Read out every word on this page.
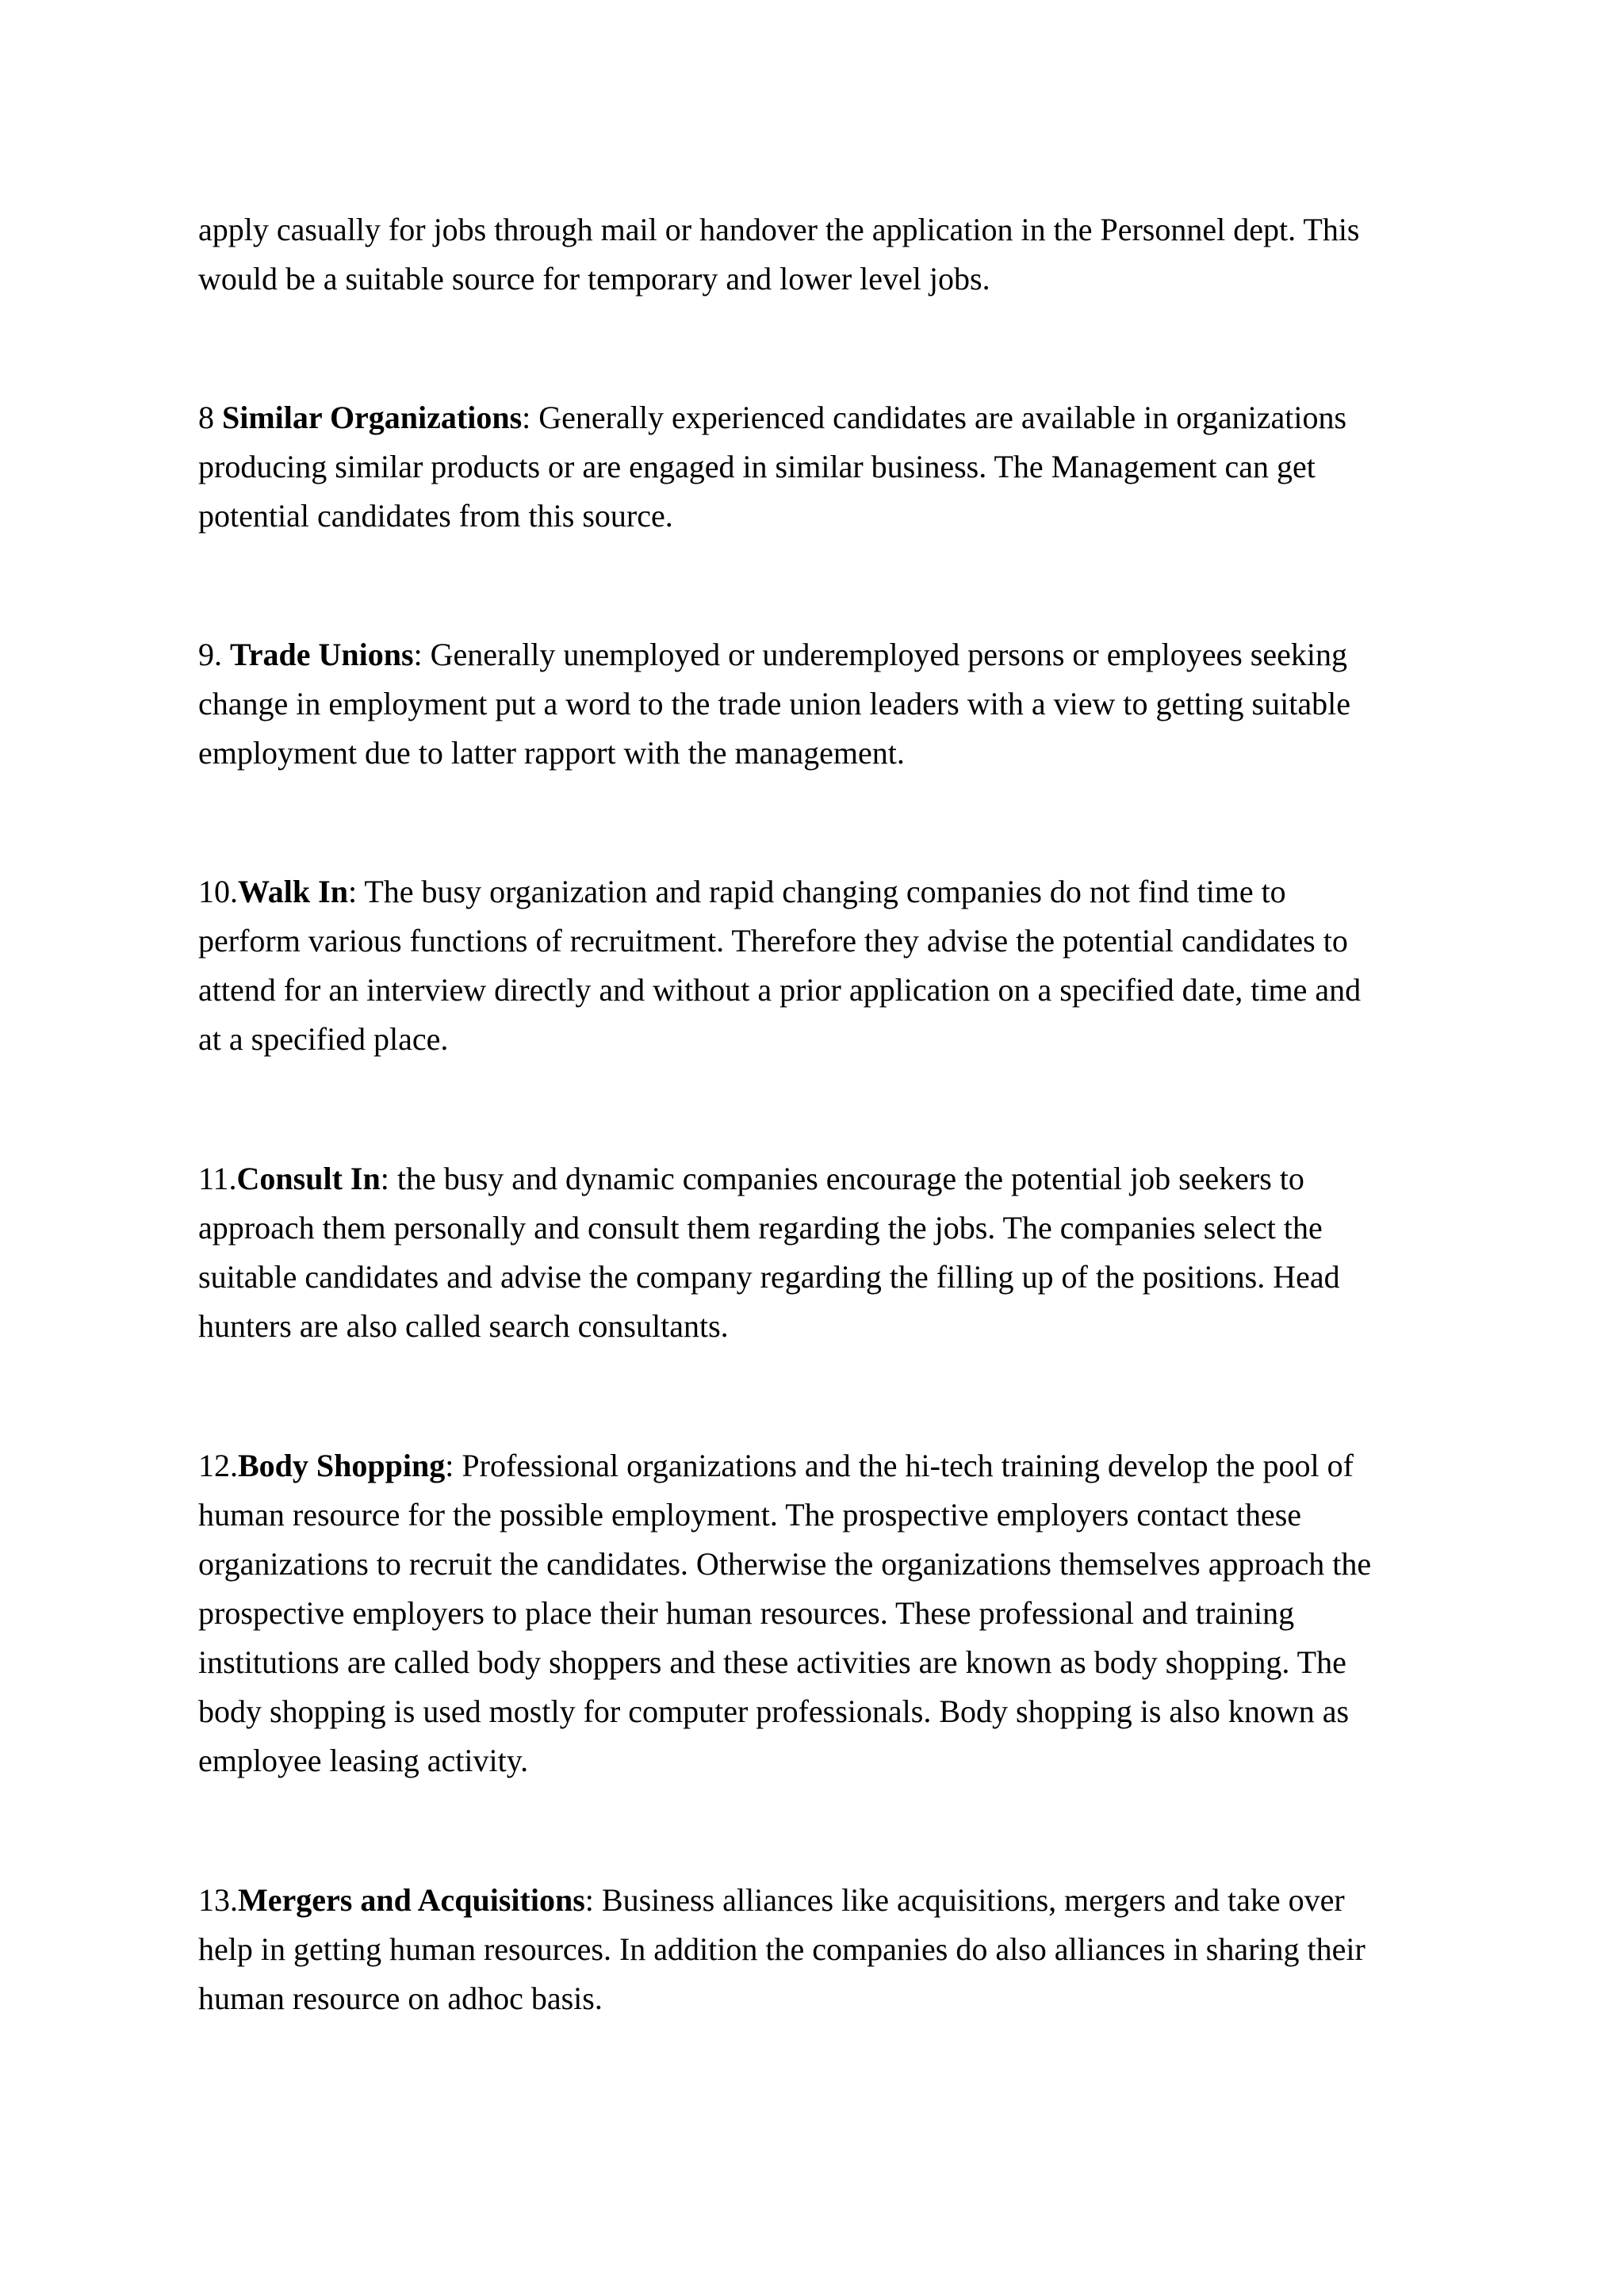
apply casually for jobs through mail or handover the application in the Personnel dept. This
would be a suitable source for temporary and lower level jobs.

8 Similar Organizations: Generally experienced candidates are available in organizations
producing similar products or are engaged in similar business. The Management can get
potential candidates from this source.

9. Trade Unions: Generally unemployed or underemployed persons or employees seeking
change in employment put a word to the trade union leaders with a view to getting suitable
employment due to latter rapport with the management.

10.Walk In: The busy organization and rapid changing companies do not find time to
perform various functions of recruitment. Therefore they advise the potential candidates to
attend for an interview directly and without a prior application on a specified date, time and
at a specified place.

11.Consult In: the busy and dynamic companies encourage the potential job seekers to
approach them personally and consult them regarding the jobs. The companies select the
suitable candidates and advise the company regarding the filling up of the positions. Head
hunters are also called search consultants.

12.Body Shopping: Professional organizations and the hi-tech training develop the pool of
human resource for the possible employment. The prospective employers contact these
organizations to recruit the candidates. Otherwise the organizations themselves approach the
prospective employers to place their human resources. These professional and training
institutions are called body shoppers and these activities are known as body shopping. The
body shopping is used mostly for computer professionals. Body shopping is also known as
employee leasing activity.

13.Mergers and Acquisitions: Business alliances like acquisitions, mergers and take over
help in getting human resources. In addition the companies do also alliances in sharing their
human resource on adhoc basis.
